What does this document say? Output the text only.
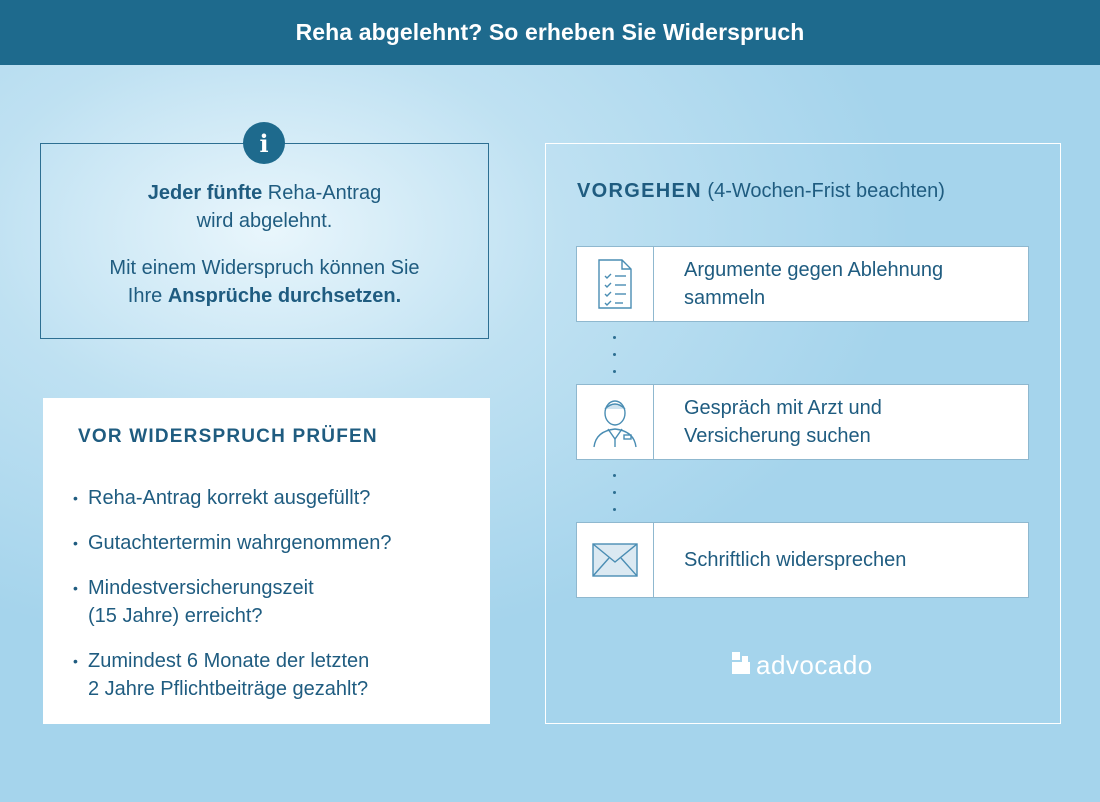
Reha abgelehnt? So erheben Sie Widerspruch
Jeder fünfte Reha-Antrag
wird abgelehnt.
Mit einem Widerspruch können Sie
Ihre Ansprüche durchsetzen.
i
VOR WIDERSPRUCH PRÜFEN
• Reha-Antrag korrekt ausgefüllt?
• Gutachtertermin wahrgenommen?
• Mindestversicherungszeit
(15 Jahre) erreicht?
• Zumindest 6 Monate der letzten
2 Jahre Pflichtbeiträge gezahlt?
VORGEHEN (4-Wochen-Frist beachten)
Argumente gegen Ablehnung
sammeln
Gespräch mit Arzt und
Versicherung suchen
Schriftlich widersprechen
advocado
